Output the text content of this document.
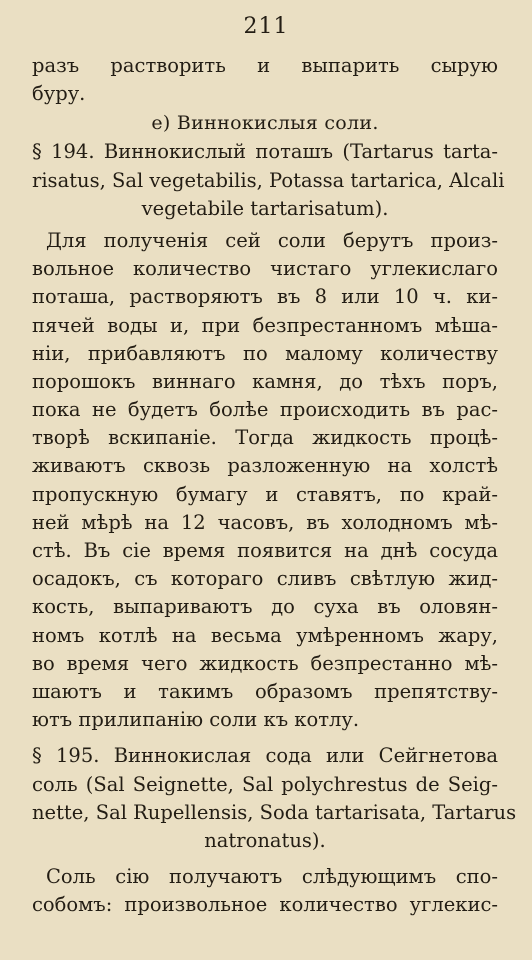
211
разъ растворить и выпарить сырую
буру.
е) Виннокислыя соли.
§ 194. Виннокислый поташъ (Tartarus tarta-
risatus, Sal vegetabilis, Potassa tartarica, Alcali
vegetabile tartarisatum).
Для полученія сей соли берутъ произ-
вольное количество чистаго углекислаго
поташа, растворяютъ въ 8 или 10 ч. ки-
пячей воды и, при безпрестанномъ мѣша-
ніи, прибавляютъ по малому количеству
порошокъ виннаго камня, до тѣхъ поръ,
пока не будетъ болѣе происходить въ рас-
творѣ вскипаніе. Тогда жидкость процѣ-
живаютъ сквозь разложенную на холстѣ
пропускную бумагу и ставятъ, по край-
ней мѣрѣ на 12 часовъ, въ холодномъ мѣ-
стѣ. Въ сіе время появится на днѣ сосуда
осадокъ, съ котораго сливъ свѣтлую жид-
кость, выпариваютъ до суха въ оловян-
номъ котлѣ на весьма умѣренномъ жару,
во время чего жидкость безпрестанно мѣ-
шаютъ и такимъ образомъ препятству-
ютъ прилипанію соли къ котлу.
§ 195. Виннокислая сода или Сейгнетова
соль (Sal Seignette, Sal polychrestus de Seig-
nette, Sal Rupellensis, Soda tartarisata, Tartarus
natronatus).
Соль сію получаютъ слѣдующимъ спо-
собомъ: произвольное количество углекис-
